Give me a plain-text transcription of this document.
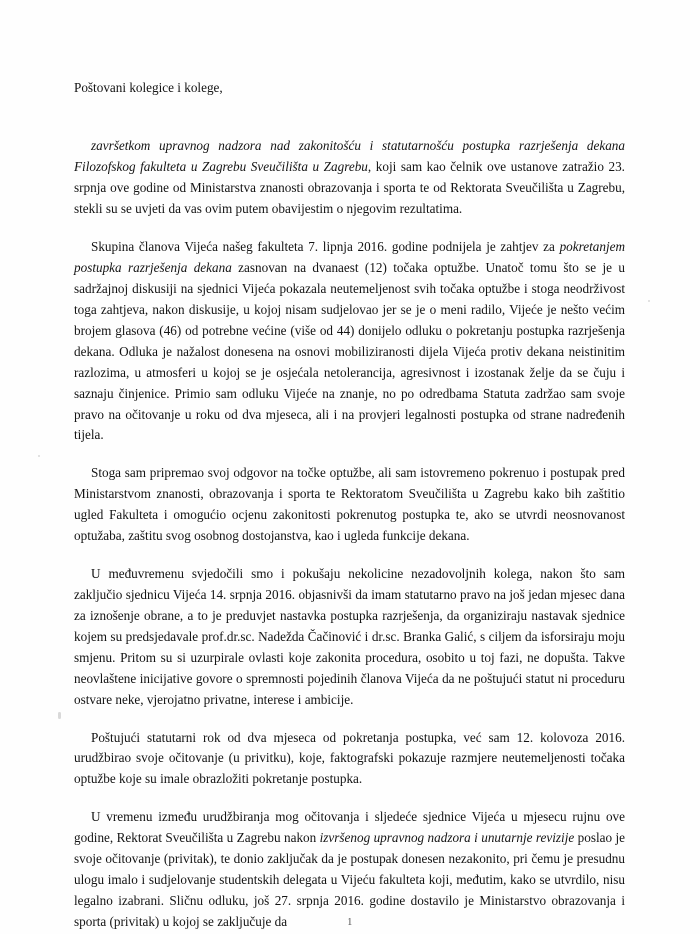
Poštovani kolegice i kolege,

završetkom upravnog nadzora nad zakonitošću i statutarnošću postupka razrješenja dekana Filozofskog fakulteta u Zagrebu Sveučilišta u Zagrebu, koji sam kao čelnik ove ustanove zatražio 23. srpnja ove godine od Ministarstva znanosti obrazovanja i sporta te od Rektorata Sveučilišta u Zagrebu, stekli su se uvjeti da vas ovim putem obavijestim o njegovim rezultatima.

Skupina članova Vijeća našeg fakulteta 7. lipnja 2016. godine podnijela je zahtjev za pokretanjem postupka razrješenja dekana zasnovan na dvanaest (12) točaka optužbe. Unatoč tomu što se je u sadržajnoj diskusiji na sjednici Vijeća pokazala neutemeljenost svih točaka optužbe i stoga neodrživost toga zahtjeva, nakon diskusije, u kojoj nisam sudjelovao jer se je o meni radilo, Vijeće je nešto većim brojem glasova (46) od potrebne većine (više od 44) donijelo odluku o pokretanju postupka razrješenja dekana. Odluka je nažalost donesena na osnovi mobiliziranosti dijela Vijeća protiv dekana neistinitim razlozima, u atmosferi u kojoj se je osjećala netolerancija, agresivnost i izostanak želje da se čuju i saznaju činjenice. Primio sam odluku Vijeće na znanje, no po odredbama Statuta zadržao sam svoje pravo na očitovanje u roku od dva mjeseca, ali i na provjeri legalnosti postupka od strane nadređenih tijela.

Stoga sam pripremao svoj odgovor na točke optužbe, ali sam istovremeno pokrenuo i postupak pred Ministarstvom znanosti, obrazovanja i sporta te Rektoratom Sveučilišta u Zagrebu kako bih zaštitio ugled Fakulteta i omogućio ocjenu zakonitosti pokrenutog postupka te, ako se utvrdi neosnovanost optužaba, zaštitu svog osobnog dostojanstva, kao i ugleda funkcije dekana.

U međuvremenu svjedočili smo i pokušaju nekolicine nezadovoljnih kolega, nakon što sam zaključio sjednicu Vijeća 14. srpnja 2016. objasnivši da imam statutarno pravo na još jedan mjesec dana za iznošenje obrane, a to je preduvjet nastavka postupka razrješenja, da organiziraju nastavak sjednice kojem su predsjedavale prof.dr.sc. Nadežda Čačinović i dr.sc. Branka Galić, s ciljem da isforsiraju moju smjenu. Pritom su si uzurpirale ovlasti koje zakonita procedura, osobito u toj fazi, ne dopušta. Takve neovlaštene inicijative govore o spremnosti pojedinih članova Vijeća da ne poštujući statut ni proceduru ostvare neke, vjerojatno privatne, interese i ambicije.

Poštujući statutarni rok od dva mjeseca od pokretanja postupka, već sam 12. kolovoza 2016. urudžbirao svoje očitovanje (u privitku), koje, faktografski pokazuje razmjere neutemeljenosti točaka optužbe koje su imale obrazložiti pokretanje postupka.

U vremenu između urudžbiranja mog očitovanja i sljedeće sjednice Vijeća u mjesecu rujnu ove godine, Rektorat Sveučilišta u Zagrebu nakon izvršenog upravnog nadzora i unutarnje revizije poslao je svoje očitovanje (privitak), te donio zaključak da je postupak donesen nezakonito, pri čemu je presudnu ulogu imalo i sudjelovanje studentskih delegata u Vijeću fakulteta koji, međutim, kako se utvrdilo, nisu legalno izabrani. Sličnu odluku, još 27. srpnja 2016. godine dostavilo je Ministarstvo obrazovanja i sporta (privitak) u kojoj se zaključuje da	1
